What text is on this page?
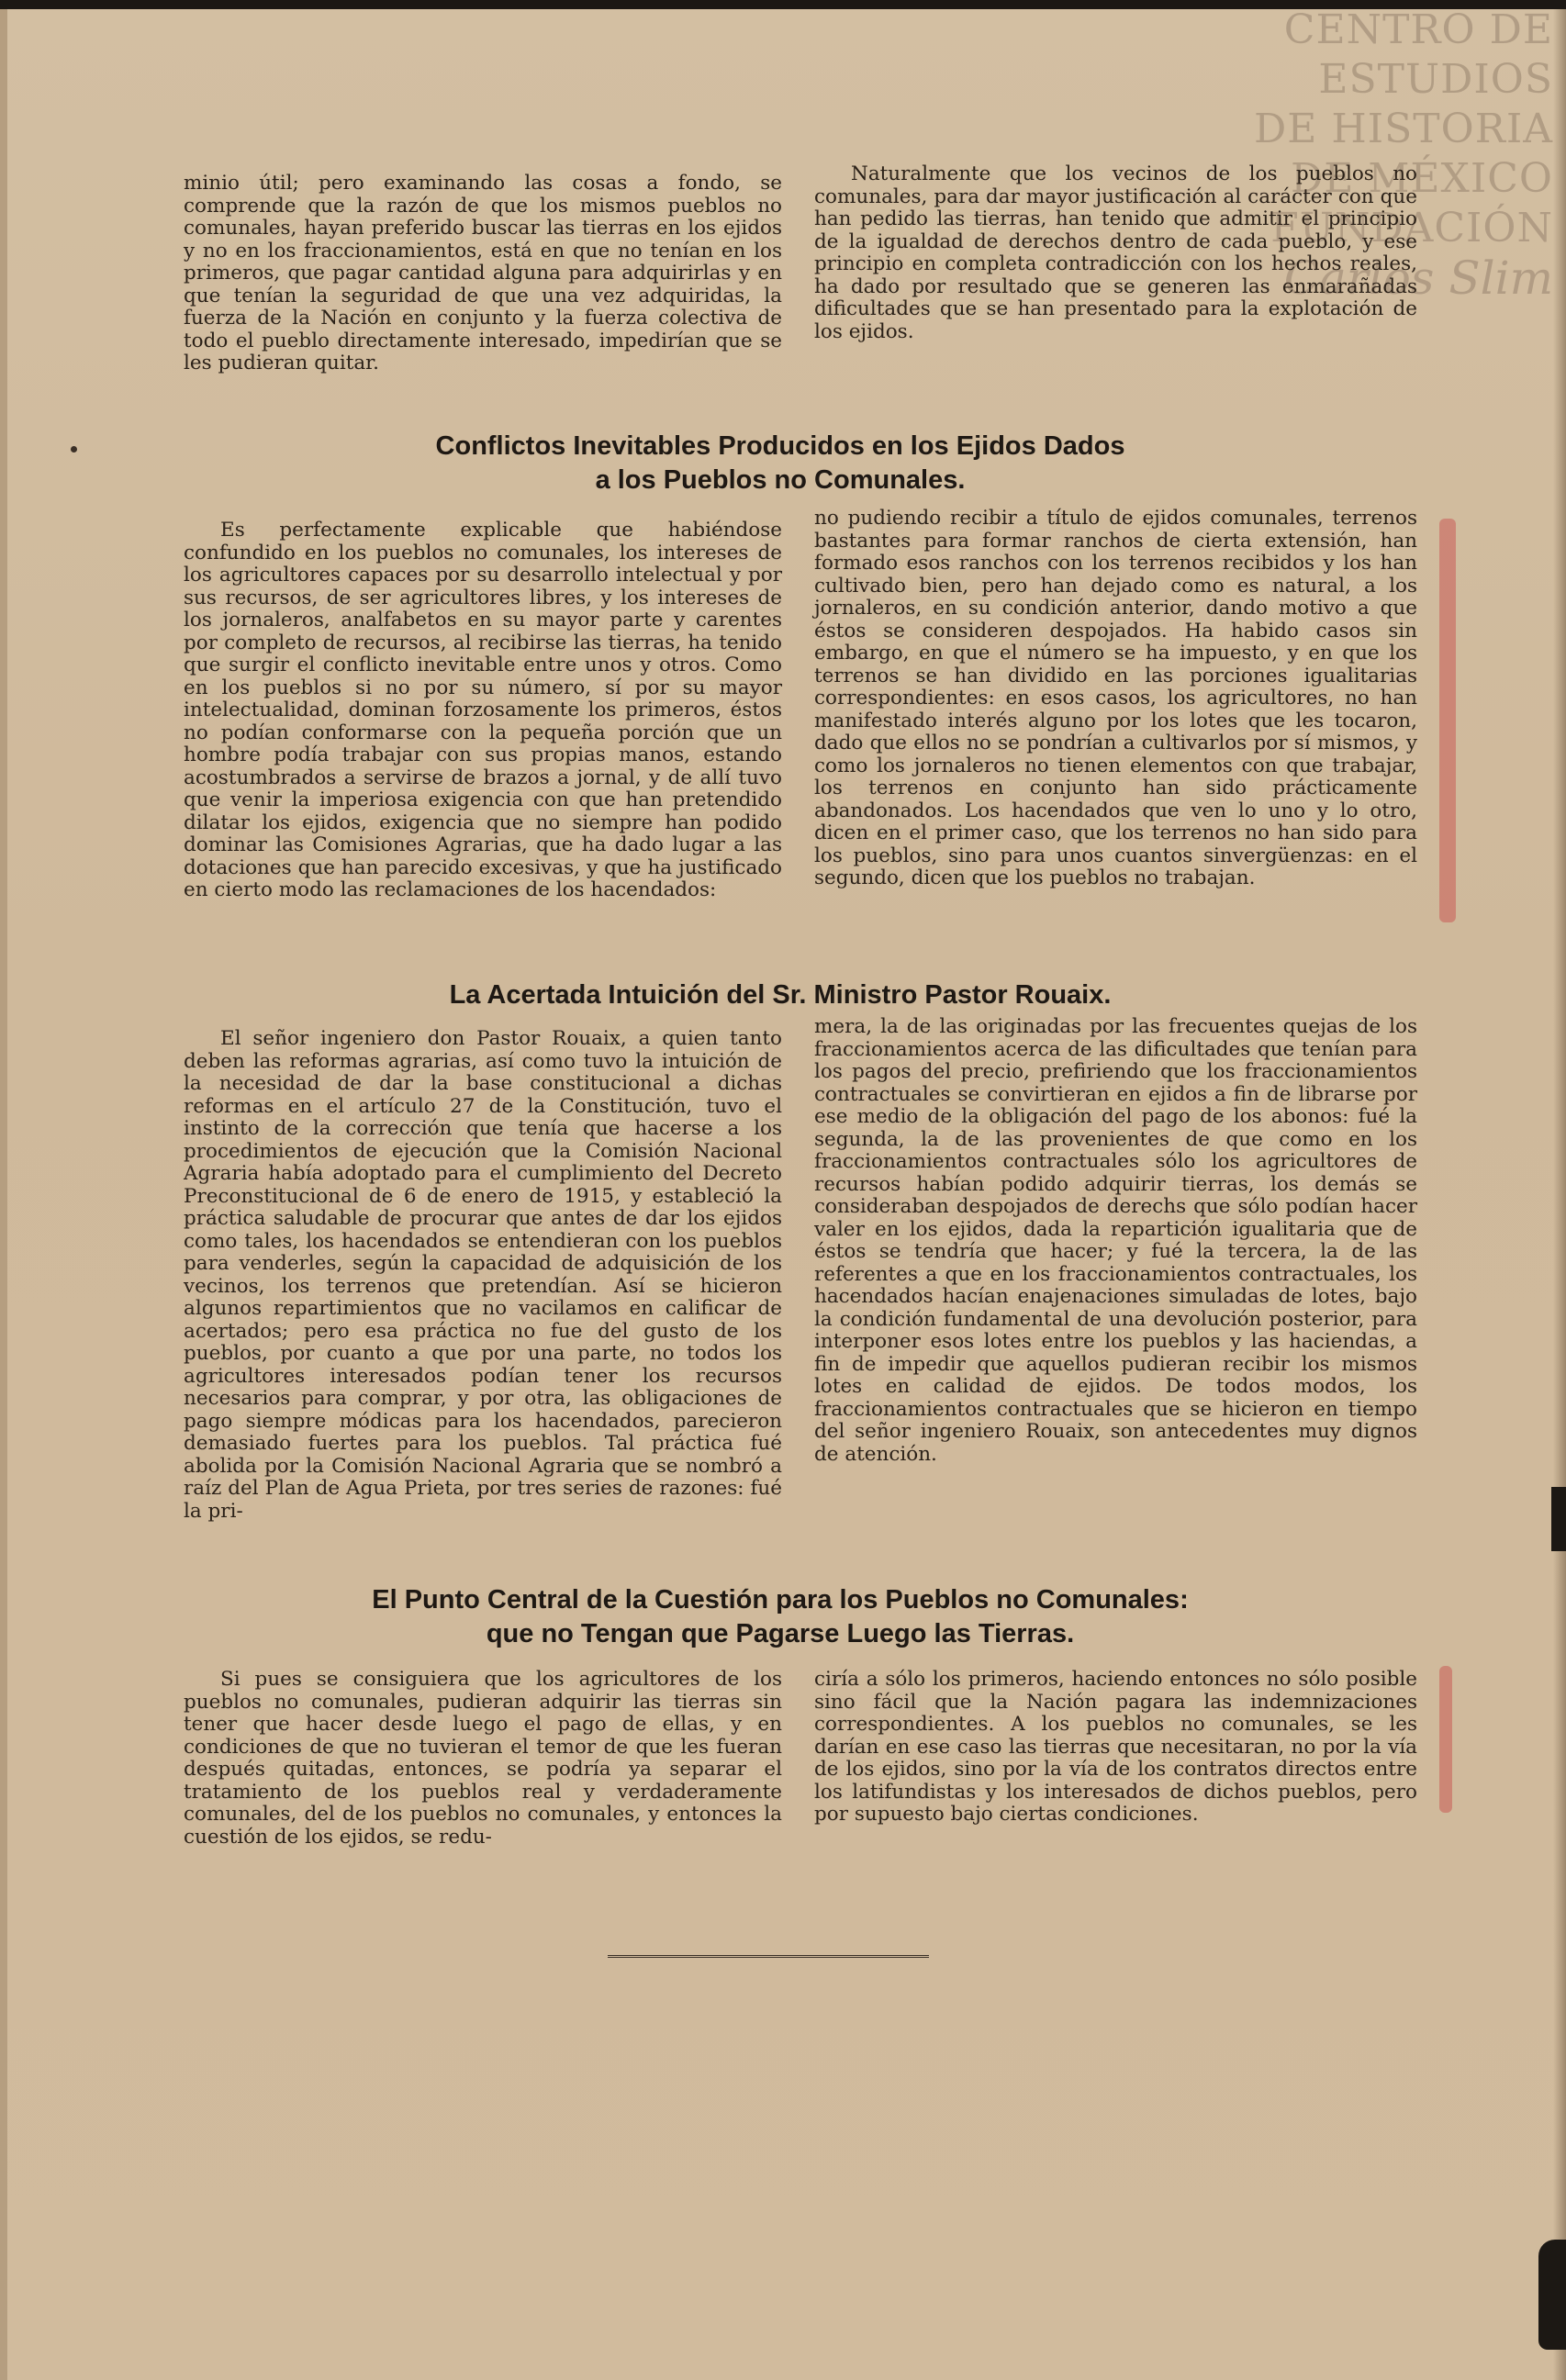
CENTRO DE
ESTUDIOS
DE HISTORIA
DE MÉXICO
FUNDACIÓN
Carlos Slim

minio útil; pero examinando las cosas a fondo, se comprende que la razón de que los mismos pueblos no comunales, hayan preferido buscar las tierras en los ejidos y no en los fraccionamientos, está en que no tenían en los primeros, que pagar cantidad alguna para adquirirlas y en que tenían la seguridad de que una vez adquiridas, la fuerza de la Nación en conjunto y la fuerza colectiva de todo el pueblo directamente interesado, impedirían que se les pudieran quitar.

Naturalmente que los vecinos de los pueblos no comunales, para dar mayor justificación al carácter con que han pedido las tierras, han tenido que admitir el principio de la igualdad de derechos dentro de cada pueblo, y ese principio en completa contradicción con los hechos reales, ha dado por resultado que se generen las enmarañadas dificultades que se han presentado para la explotación de los ejidos.

Conflictos Inevitables Producidos en los Ejidos Dados
a los Pueblos no Comunales.

Es perfectamente explicable que habiéndose confundido en los pueblos no comunales, los intereses de los agricultores capaces por su desarrollo intelectual y por sus recursos, de ser agricultores libres, y los intereses de los jornaleros, analfabetos en su mayor parte y carentes por completo de recursos, al recibirse las tierras, ha tenido que surgir el conflicto inevitable entre unos y otros. Como en los pueblos si no por su número, sí por su mayor intelectualidad, dominan forzosamente los primeros, éstos no podían conformarse con la pequeña porción que un hombre podía trabajar con sus propias manos, estando acostumbrados a servirse de brazos a jornal, y de allí tuvo que venir la imperiosa exigencia con que han pretendido dilatar los ejidos, exigencia que no siempre han podido dominar las Comisiones Agrarias, que ha dado lugar a las dotaciones que han parecido excesivas, y que ha justificado en cierto modo las reclamaciones de los hacendados:

no pudiendo recibir a título de ejidos comunales, terrenos bastantes para formar ranchos de cierta extensión, han formado esos ranchos con los terrenos recibidos y los han cultivado bien, pero han dejado como es natural, a los jornaleros, en su condición anterior, dando motivo a que éstos se consideren despojados. Ha habido casos sin embargo, en que el número se ha impuesto, y en que los terrenos se han dividido en las porciones igualitarias correspondientes: en esos casos, los agricultores, no han manifestado interés alguno por los lotes que les tocaron, dado que ellos no se pondrían a cultivarlos por sí mismos, y como los jornaleros no tienen elementos con que trabajar, los terrenos en conjunto han sido prácticamente abandonados. Los hacendados que ven lo uno y lo otro, dicen en el primer caso, que los terrenos no han sido para los pueblos, sino para unos cuantos sinvergüenzas: en el segundo, dicen que los pueblos no trabajan.

La Acertada Intuición del Sr. Ministro Pastor Rouaix.

El señor ingeniero don Pastor Rouaix, a quien tanto deben las reformas agrarias, así como tuvo la intuición de la necesidad de dar la base constitucional a dichas reformas en el artículo 27 de la Constitución, tuvo el instinto de la corrección que tenía que hacerse a los procedimientos de ejecución que la Comisión Nacional Agraria había adoptado para el cumplimiento del Decreto Preconstitucional de 6 de enero de 1915, y estableció la práctica saludable de procurar que antes de dar los ejidos como tales, los hacendados se entendieran con los pueblos para venderles, según la capacidad de adquisición de los vecinos, los terrenos que pretendían. Así se hicieron algunos repartimientos que no vacilamos en calificar de acertados; pero esa práctica no fue del gusto de los pueblos, por cuanto a que por una parte, no todos los agricultores interesados podían tener los recursos necesarios para comprar, y por otra, las obligaciones de pago siempre módicas para los hacendados, parecieron demasiado fuertes para los pueblos. Tal práctica fué abolida por la Comisión Nacional Agraria que se nombró a raíz del Plan de Agua Prieta, por tres series de razones: fué la pri-

mera, la de las originadas por las frecuentes quejas de los fraccionamientos acerca de las dificultades que tenían para los pagos del precio, prefiriendo que los fraccionamientos contractuales se convirtieran en ejidos a fin de librarse por ese medio de la obligación del pago de los abonos: fué la segunda, la de las provenientes de que como en los fraccionamientos contractuales sólo los agricultores de recursos habían podido adquirir tierras, los demás se consideraban despojados de derechs que sólo podían hacer valer en los ejidos, dada la repartición igualitaria que de éstos se tendría que hacer; y fué la tercera, la de las referentes a que en los fraccionamientos contractuales, los hacendados hacían enajenaciones simuladas de lotes, bajo la condición fundamental de una devolución posterior, para interponer esos lotes entre los pueblos y las haciendas, a fin de impedir que aquellos pudieran recibir los mismos lotes en calidad de ejidos. De todos modos, los fraccionamientos contractuales que se hicieron en tiempo del señor ingeniero Rouaix, son antecedentes muy dignos de atención.

El Punto Central de la Cuestión para los Pueblos no Comunales:
que no Tengan que Pagarse Luego las Tierras.

Si pues se consiguiera que los agricultores de los pueblos no comunales, pudieran adquirir las tierras sin tener que hacer desde luego el pago de ellas, y en condiciones de que no tuvieran el temor de que les fueran después quitadas, entonces, se podría ya separar el tratamiento de los pueblos real y verdaderamente comunales, del de los pueblos no comunales, y entonces la cuestión de los ejidos, se redu-

ciría a sólo los primeros, haciendo entonces no sólo posible sino fácil que la Nación pagara las indemnizaciones correspondientes. A los pueblos no comunales, se les darían en ese caso las tierras que necesitaran, no por la vía de los ejidos, sino por la vía de los contratos directos entre los latifundistas y los interesados de dichos pueblos, pero por supuesto bajo ciertas condiciones.
